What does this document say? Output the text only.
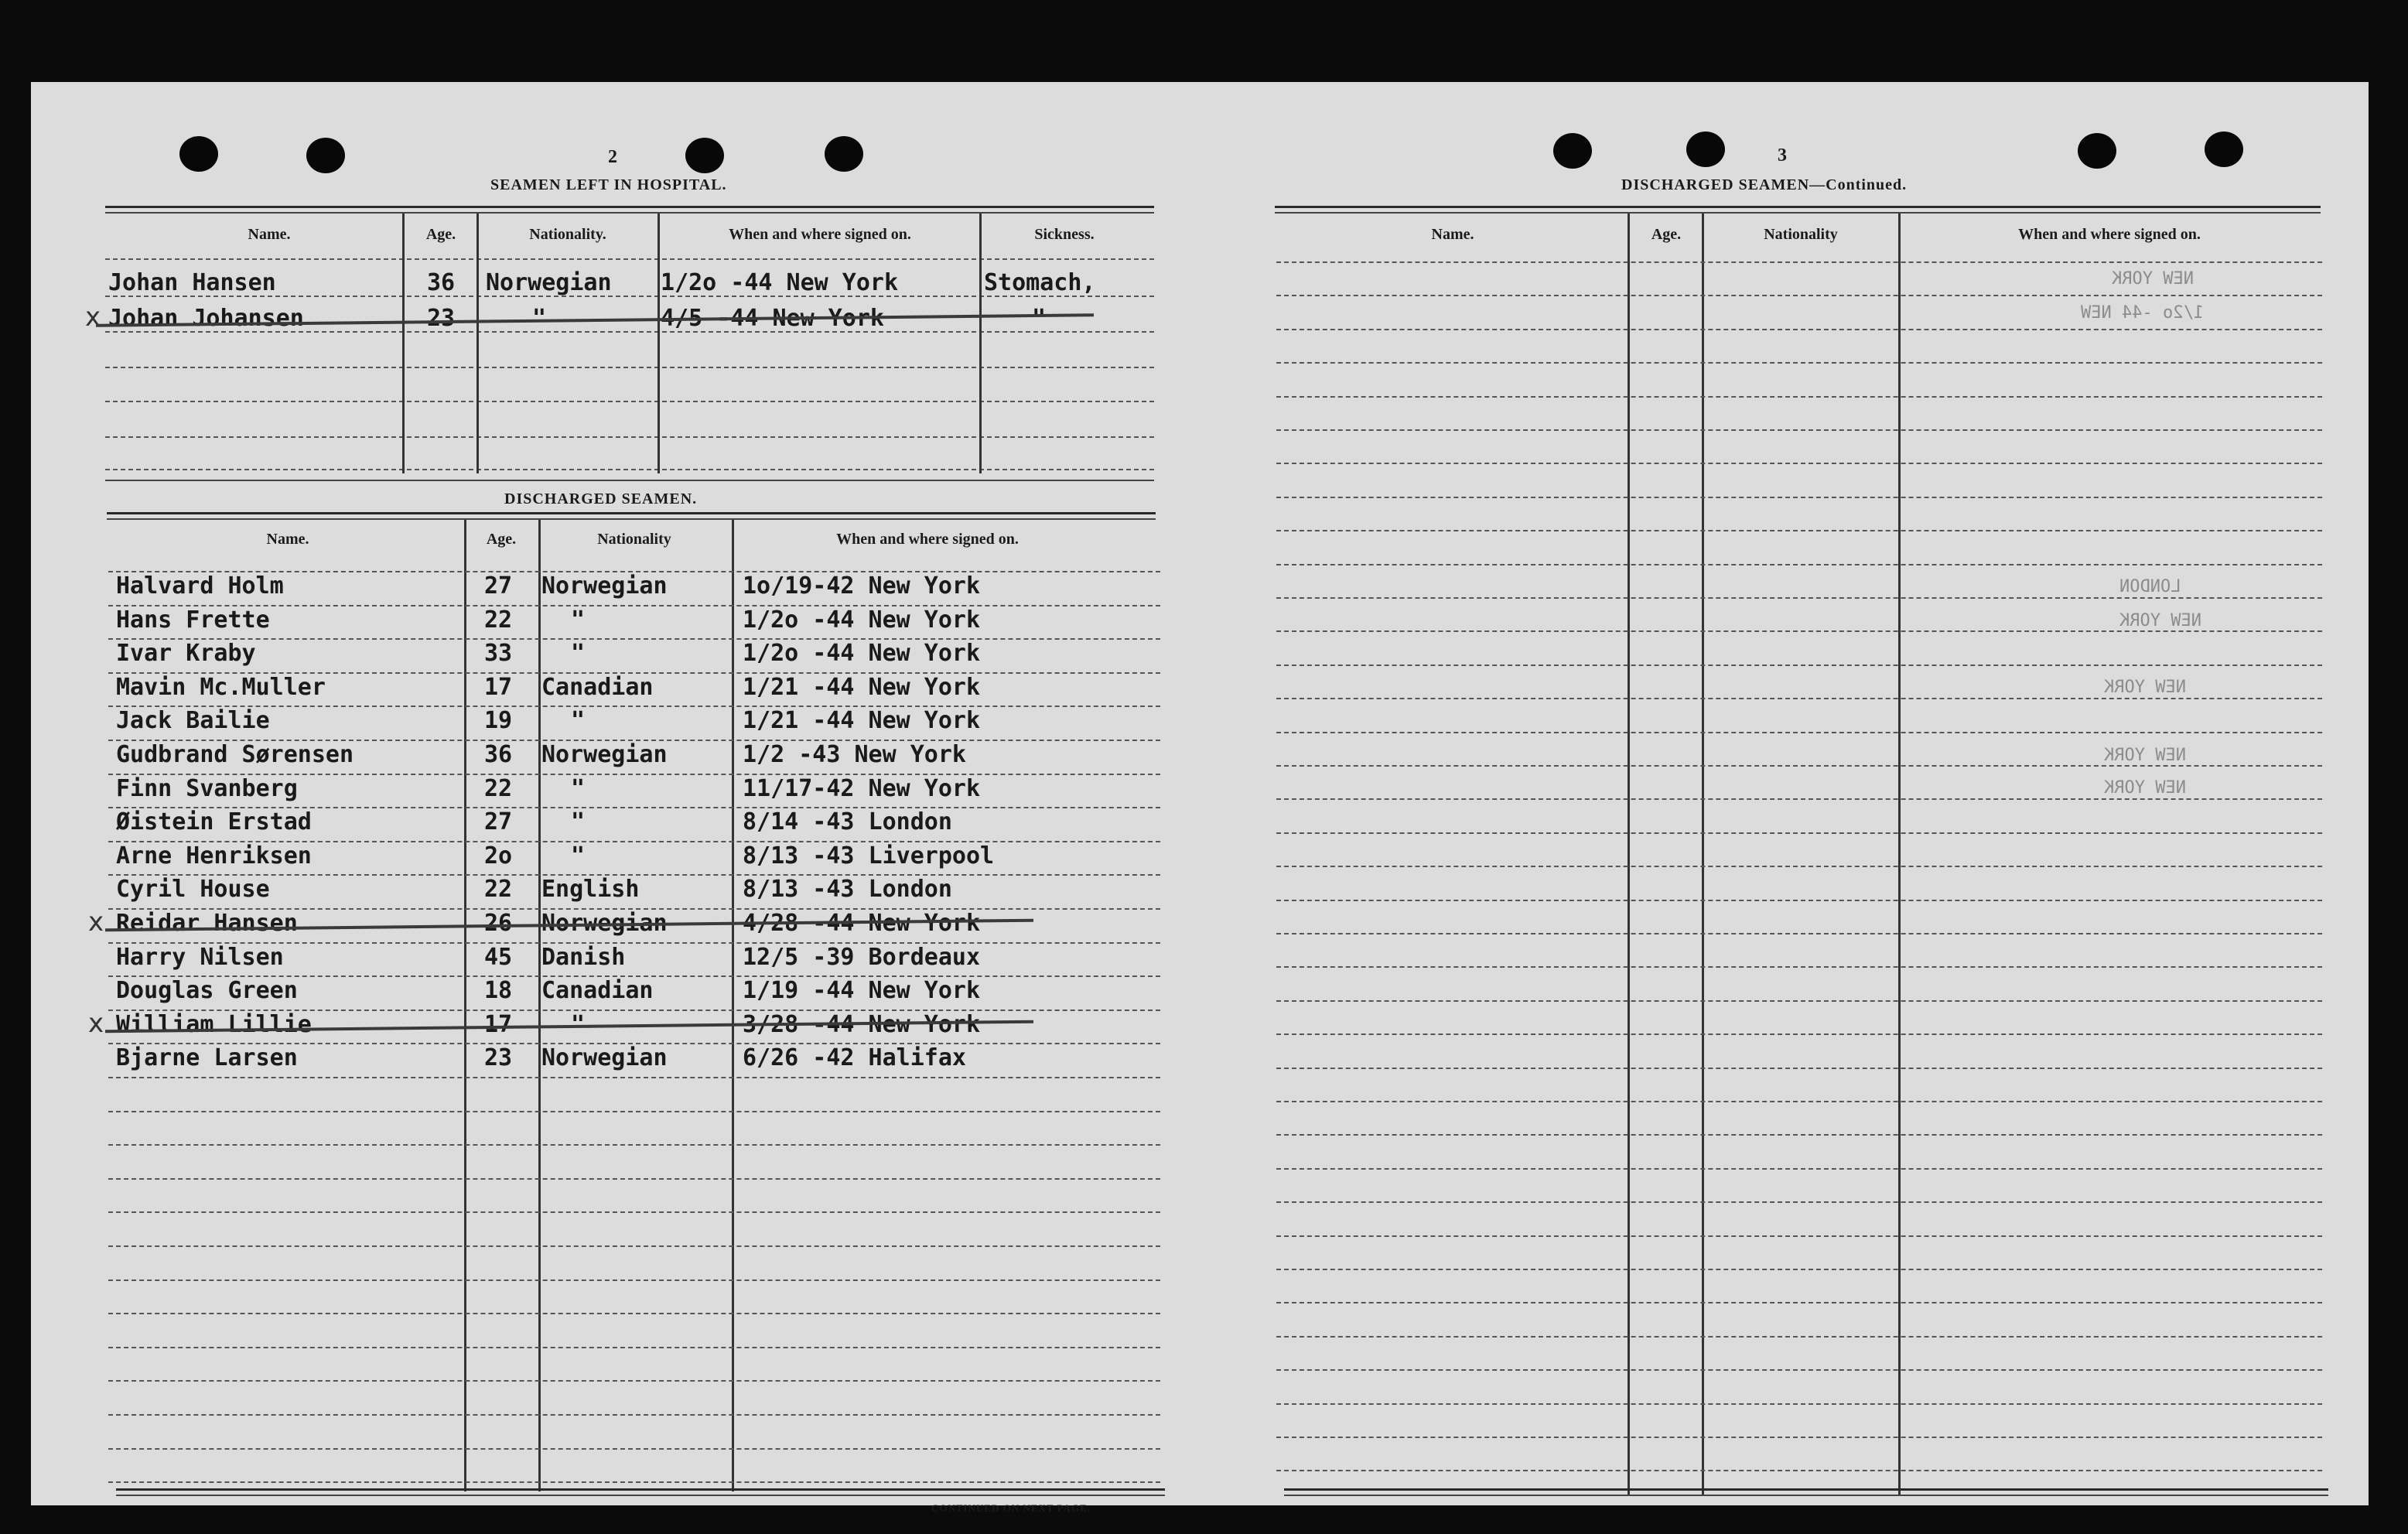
2
SEAMEN LEFT IN HOSPITAL.
Name.	Age.	Nationality.	When and where signed on.	Sickness.
Johan Hansen	36 Norwegian 1/2o -44 New York	Stomach,
x Johan Johansen	23	"	4/5 -44 New York	"
DISCHARGED SEAMEN.
Name.	Age.	Nationality	When and where signed on.
Halvard Holm	27 Norwegian	1o/19-42 New York
Hans Frette	22	"	1/2o -44 New York
Ivar Kraby	33	"	1/2o -44 New York
Mavin Mc.Muller	17 Canadian	1/21 -44 New York
Jack Bailie	19	"	1/21 -44 New York
Gudbrand Sørensen	36 Norwegian	1/2 -43 New York
Finn Svanberg	22	"	11/17-42 New York
Øistein Erstad	27	"	8/14 -43 London
Arne Henriksen	2o	"	8/13 -43 Liverpool
Cyril House	22 English	8/13 -43 London
Reidar Hansen	26 Norwegian	4/28 -44 New York
x
Harry Nilsen	45 Danish	12/5 -39 Bordeaux
Douglas Green	18 Canadian	1/19 -44 New York
William Lillie	17	"	3/28 -44 New York
x
Bjarne Larsen	23 Norwegian	6/26 -42 Halifax
CONTINUED ON NEXT PAGE.
3
DISCHARGED SEAMEN—Continued.
Name.	Age.	Nationality	When and where signed on.
NEW YORK
1/2o -44 NEW
LONDON
NEW YORK
NEW YORK
NEW YORK
NEW YORK
